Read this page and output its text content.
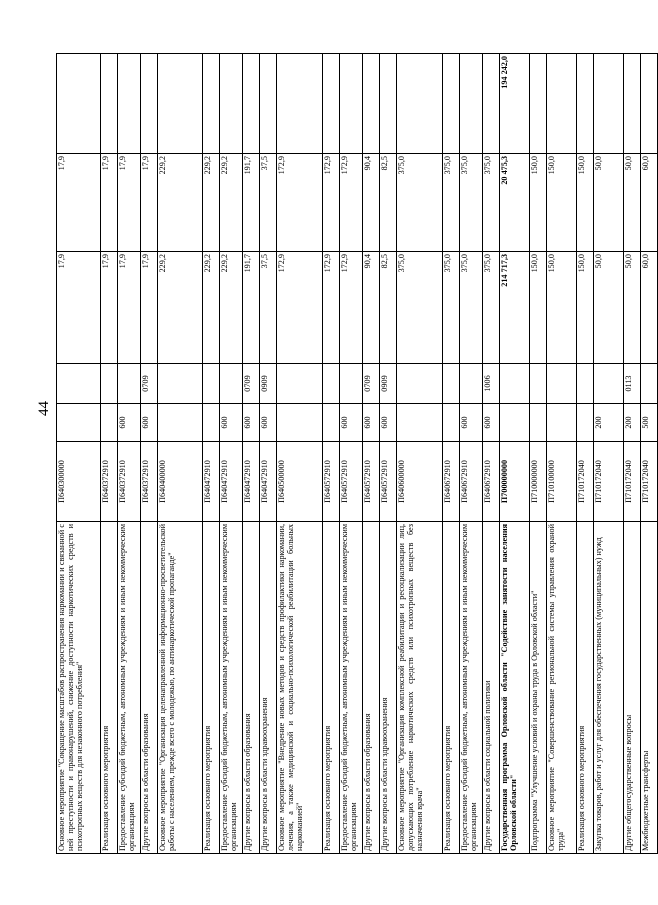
44
Основное мероприятие "Сокращение масштабов распространения наркомании и связанной с ней преступности и правонарушений, снижение доступности наркотических средств и психотропных веществ для незаконного потребления"	П640300000			17,9	17,9	
Реализация основного мероприятия	П640372910			17,9	17,9	
Предоставление субсидий бюджетным, автономным учреждениям и иным некоммерческим организациям	П640372910	600		17,9	17,9	
Другие вопросы в области образования	П640372910	600	0709	17,9	17,9	
Основное мероприятие "Организация целенаправленной информационно-просветительской работы с населением, прежде всего с молодежью, по антинаркотической пропаганде"	П640400000			229,2	229,2	
Реализация основного мероприятия	П640472910			229,2	229,2	
Предоставление субсидий бюджетным, автономным учреждениям и иным некоммерческим организациям	П640472910	600		229,2	229,2	
Другие вопросы в области образования	П640472910	600	0709	191,7	191,7	
Другие вопросы в области здравоохранения	П640472910	600	0909	37,5	37,5	
Основное мероприятие "Внедрение новых методов и средств профилактики наркомании, лечения, а также медицинской и социально-психологической реабилитации больных наркоманией"	П640500000			172,9	172,9	
Реализация основного мероприятия	П640572910			172,9	172,9	
Предоставление субсидий бюджетным, автономным учреждениям и иным некоммерческим организациям	П640572910	600		172,9	172,9	
Другие вопросы в области образования	П640572910	600	0709	90,4	90,4	
Другие вопросы в области здравоохранения	П640572910	600	0909	82,5	82,5	
Основное мероприятие "Организация комплексной реабилитации и ресоциализации лиц, допускающих потребление наркотических средств или психотропных веществ без назначения врача"	П640600000			375,0	375,0	
Реализация основного мероприятия	П640672910			375,0	375,0	
Предоставление субсидий бюджетным, автономным учреждениям и иным некоммерческим организациям	П640672910	600		375,0	375,0	
Другие вопросы в области социальной политики	П640672910	600	1006	375,0	375,0	
Государственная программа Орловской области "Содействие занятости населения Орловской области"	П700000000			214 717,3	20 475,3	194 242,0
Подпрограмма "Улучшение условий и охраны труда в Орловской области"	П710000000			150,0	150,0	
Основное мероприятие "Совершенствование региональной системы управления охраной труда"	П710100000			150,0	150,0	
Реализация основного мероприятия	П710172040			150,0	150,0	
Закупка товаров, работ и услуг для обеспечения государственных (муниципальных) нужд	П710172040	200		50,0	50,0	
Другие общегосударственные вопросы	П710172040	200	0113	50,0	50,0	
Межбюджетные трансферты	П710172040	500		60,0	60,0	
